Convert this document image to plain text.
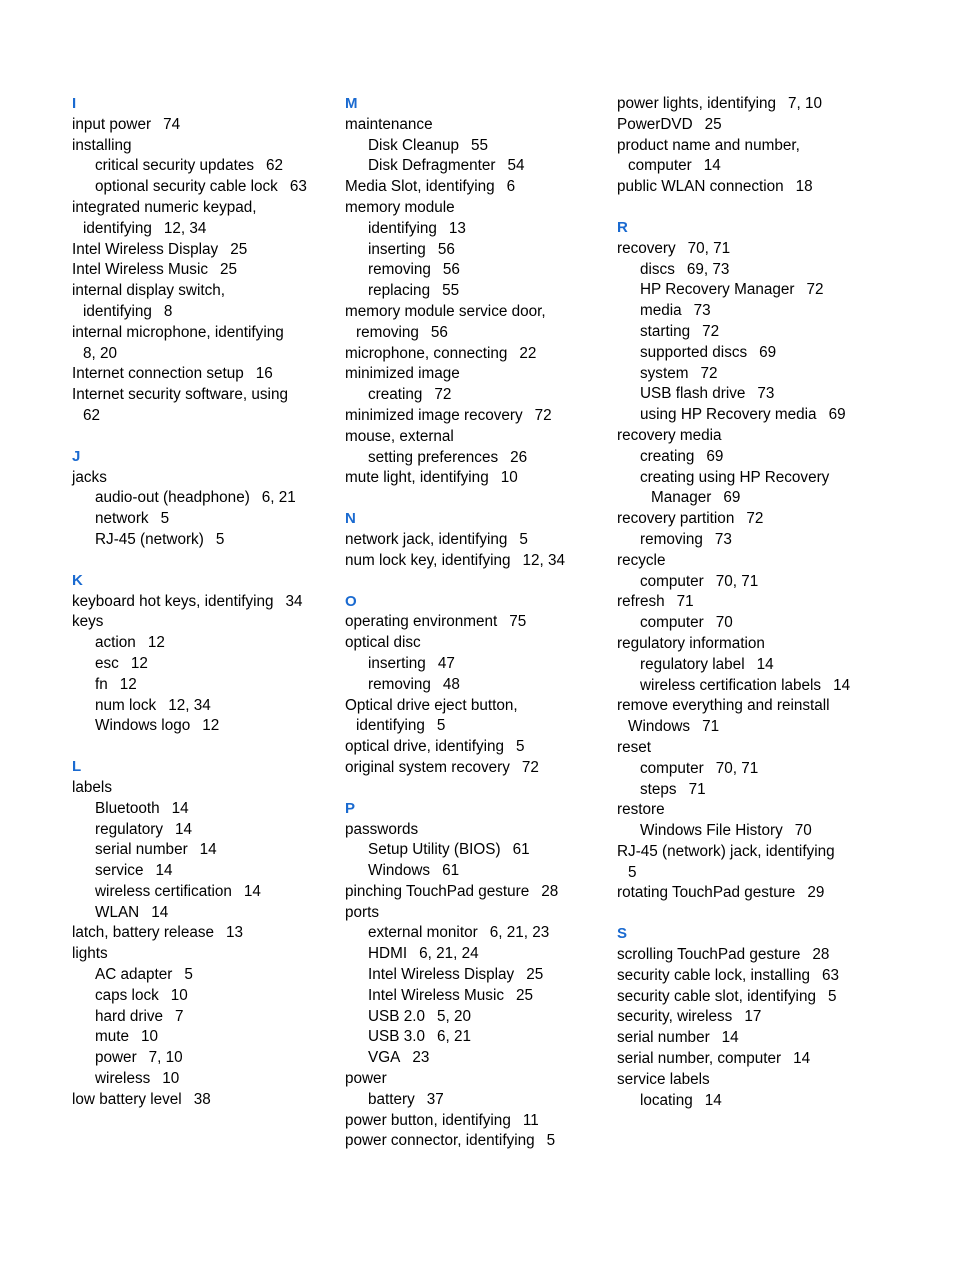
I
input power 74
installing
critical security updates 62
optional security cable lock 63
integrated numeric keypad,
identifying 12, 34
Intel Wireless Display 25
Intel Wireless Music 25
internal display switch,
identifying 8
internal microphone, identifying
8, 20
Internet connection setup 16
Internet security software, using
62
J
jacks
audio-out (headphone) 6, 21
network 5
RJ-45 (network) 5
K
keyboard hot keys, identifying 34
keys
action 12
esc 12
fn 12
num lock 12, 34
Windows logo 12
L
labels
Bluetooth 14
regulatory 14
serial number 14
service 14
wireless certification 14
WLAN 14
latch, battery release 13
lights
AC adapter 5
caps lock 10
hard drive 7
mute 10
power 7, 10
wireless 10
low battery level 38
M
maintenance
Disk Cleanup 55
Disk Defragmenter 54
Media Slot, identifying 6
memory module
identifying 13
inserting 56
removing 56
replacing 55
memory module service door,
removing 56
microphone, connecting 22
minimized image
creating 72
minimized image recovery 72
mouse, external
setting preferences 26
mute light, identifying 10
N
network jack, identifying 5
num lock key, identifying 12, 34
O
operating environment 75
optical disc
inserting 47
removing 48
Optical drive eject button,
identifying 5
optical drive, identifying 5
original system recovery 72
P
passwords
Setup Utility (BIOS) 61
Windows 61
pinching TouchPad gesture 28
ports
external monitor 6, 21, 23
HDMI 6, 21, 24
Intel Wireless Display 25
Intel Wireless Music 25
USB 2.0 5, 20
USB 3.0 6, 21
VGA 23
power
battery 37
power button, identifying 11
power connector, identifying 5
power lights, identifying 7, 10
PowerDVD 25
product name and number,
computer 14
public WLAN connection 18
R
recovery 70, 71
discs 69, 73
HP Recovery Manager 72
media 73
starting 72
supported discs 69
system 72
USB flash drive 73
using HP Recovery media 69
recovery media
creating 69
creating using HP Recovery
Manager 69
recovery partition 72
removing 73
recycle
computer 70, 71
refresh 71
computer 70
regulatory information
regulatory label 14
wireless certification labels 14
remove everything and reinstall
Windows 71
reset
computer 70, 71
steps 71
restore
Windows File History 70
RJ-45 (network) jack, identifying
5
rotating TouchPad gesture 29
S
scrolling TouchPad gesture 28
security cable lock, installing 63
security cable slot, identifying 5
security, wireless 17
serial number 14
serial number, computer 14
service labels
locating 14
